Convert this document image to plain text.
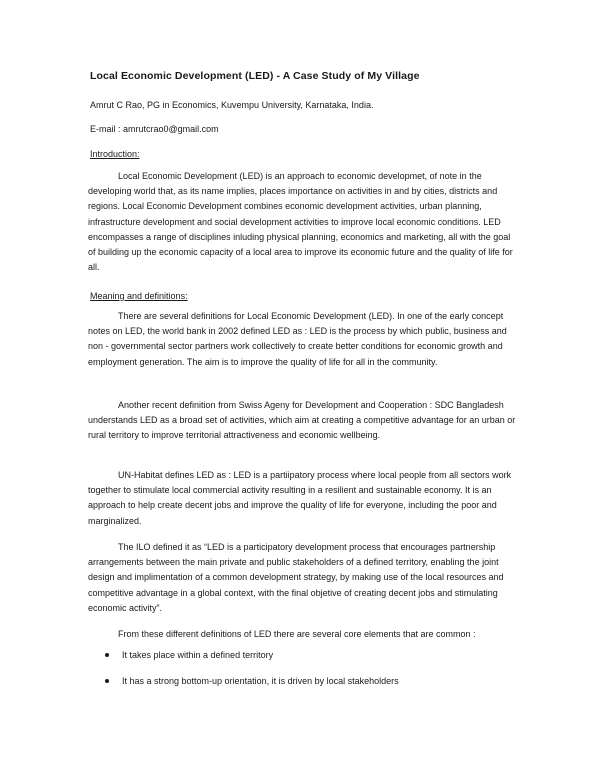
Local Economic Development (LED) - A Case Study of My Village
Amrut C Rao, PG in Economics, Kuvempu University, Karnataka, India.
E-mail : amrutcrao0@gmail.com
Introduction:
Local Economic Development (LED) is an approach to economic developmet, of note in the developing world that, as its name implies, places importance on activities in and by cities, districts and regions. Local Economic Development combines economic development activities, urban planning, infrastructure development and social development activities to improve local economic conditions. LED encompasses a range of disciplines inluding physical planning, economics and marketing, all with the goal of building up the economic capacity of a local area to improve its economic future and the quality of life for all.
Meaning and definitions:
There are several definitions for Local Economic Development (LED). In one of the early concept notes on LED, the world bank in 2002 defined LED as : LED is the process by which public, business and non - governmental sector partners work collectively to create better conditions for economic growth and employment generation. The aim is to improve the quality of life for all in the community.
Another recent definition from Swiss Ageny for Development and Cooperation : SDC Bangladesh understands LED as a broad set of activities, which aim at creating a competitive advantage for an urban or rural territory to improve territorial attractiveness and economic wellbeing.
UN-Habitat defines LED as : LED is a partiipatory process where local people from all sectors work together to stimulate local commercial activity resulting in a resilient and sustainable economy. It is an approach to help create decent jobs and improve the quality of life for everyone, including the poor and marginalized.
The ILO defined it as “LED is a participatory development process that encourages partnership arrangements between the main private and public stakeholders of a defined territory, enabling the joint design and implimentation of a common development strategy, by making use of the local resources and competitive advantage in a global context, with the final objetive of creating decent jobs and stimulating economic activity”.
From these different definitions of LED there are several core elements that are common :
It takes place within a defined territory
It has a strong bottom-up orientation, it is driven by local stakeholders
